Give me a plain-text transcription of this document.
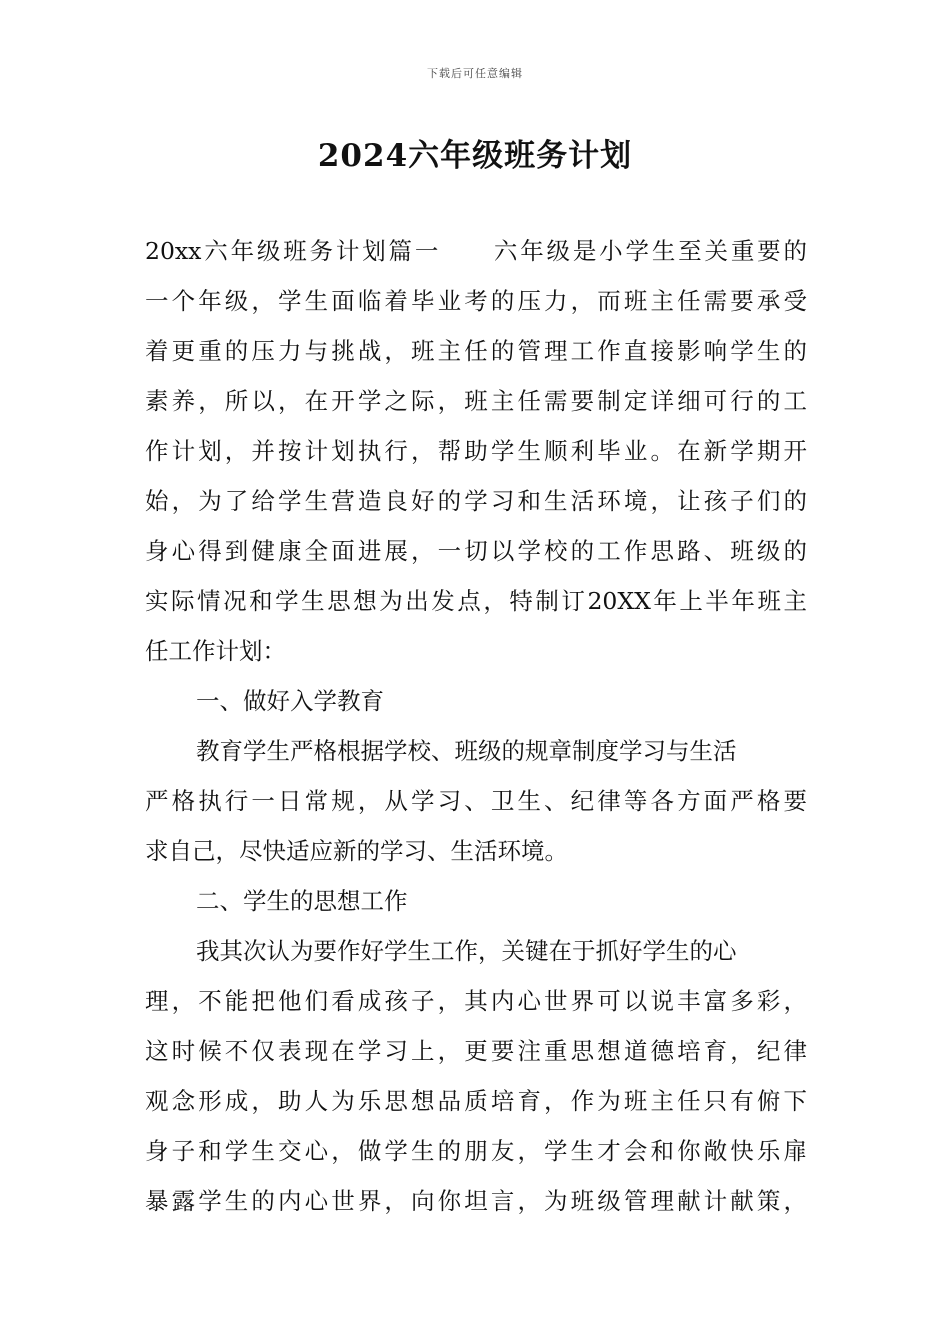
下载后可任意编辑
2024六年级班务计划
20xx六年级班务计划篇一　　六年级是小学生至关重要的
一个年级，学生面临着毕业考的压力，而班主任需要承受
着更重的压力与挑战，班主任的管理工作直接影响学生的
素养，所以，在开学之际，班主任需要制定详细可行的工
作计划，并按计划执行，帮助学生顺利毕业。在新学期开
始，为了给学生营造良好的学习和生活环境，让孩子们的
身心得到健康全面进展，一切以学校的工作思路、班级的
实际情况和学生思想为出发点，特制订20XX年上半年班主
任工作计划：
一、做好入学教育
教育学生严格根据学校、班级的规章制度学习与生活
严格执行一日常规，从学习、卫生、纪律等各方面严格要
求自己，尽快适应新的学习、生活环境。
二、学生的思想工作
我其次认为要作好学生工作，关键在于抓好学生的心
理，不能把他们看成孩子，其内心世界可以说丰富多彩，
这时候不仅表现在学习上，更要注重思想道德培育，纪律
观念形成，助人为乐思想品质培育，作为班主任只有俯下
身子和学生交心，做学生的朋友，学生才会和你敞快乐扉
暴露学生的内心世界，向你坦言，为班级管理献计献策，
